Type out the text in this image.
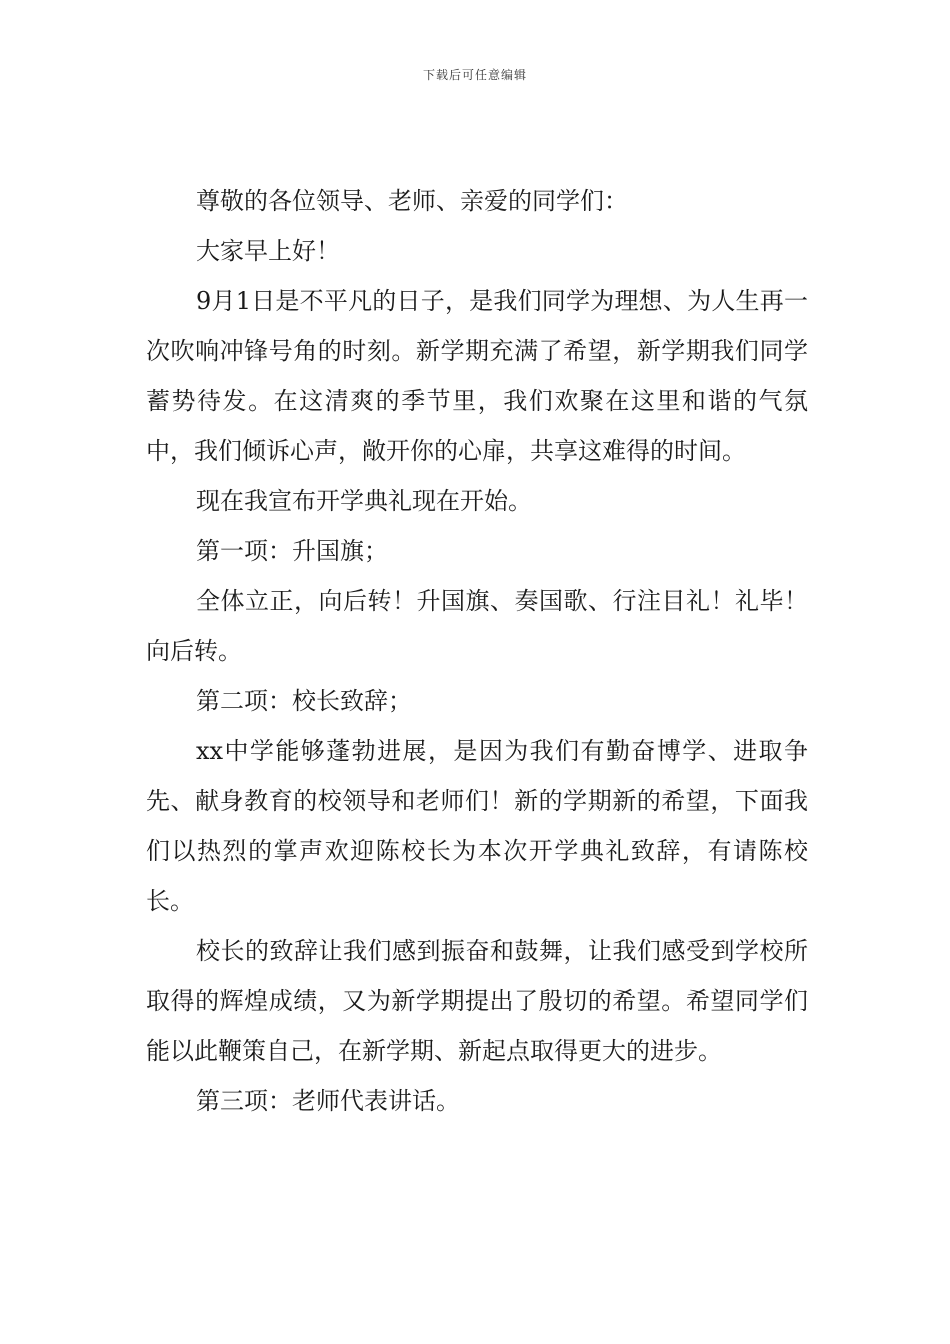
下载后可任意编辑

尊敬的各位领导、老师、亲爱的同学们：

大家早上好！

9月1日是不平凡的日子，是我们同学为理想、为人生再一次吹响冲锋号角的时刻。新学期充满了希望，新学期我们同学蓄势待发。在这清爽的季节里，我们欢聚在这里和谐的气氛中，我们倾诉心声，敞开你的心扉，共享这难得的时间。

现在我宣布开学典礼现在开始。

第一项：升国旗；

全体立正，向后转！升国旗、奏国歌、行注目礼！礼毕！向后转。

第二项：校长致辞；

xx中学能够蓬勃进展，是因为我们有勤奋博学、进取争先、献身教育的校领导和老师们！新的学期新的希望，下面我们以热烈的掌声欢迎陈校长为本次开学典礼致辞，有请陈校长。

校长的致辞让我们感到振奋和鼓舞，让我们感受到学校所取得的辉煌成绩，又为新学期提出了殷切的希望。希望同学们能以此鞭策自己，在新学期、新起点取得更大的进步。

第三项：老师代表讲话。
